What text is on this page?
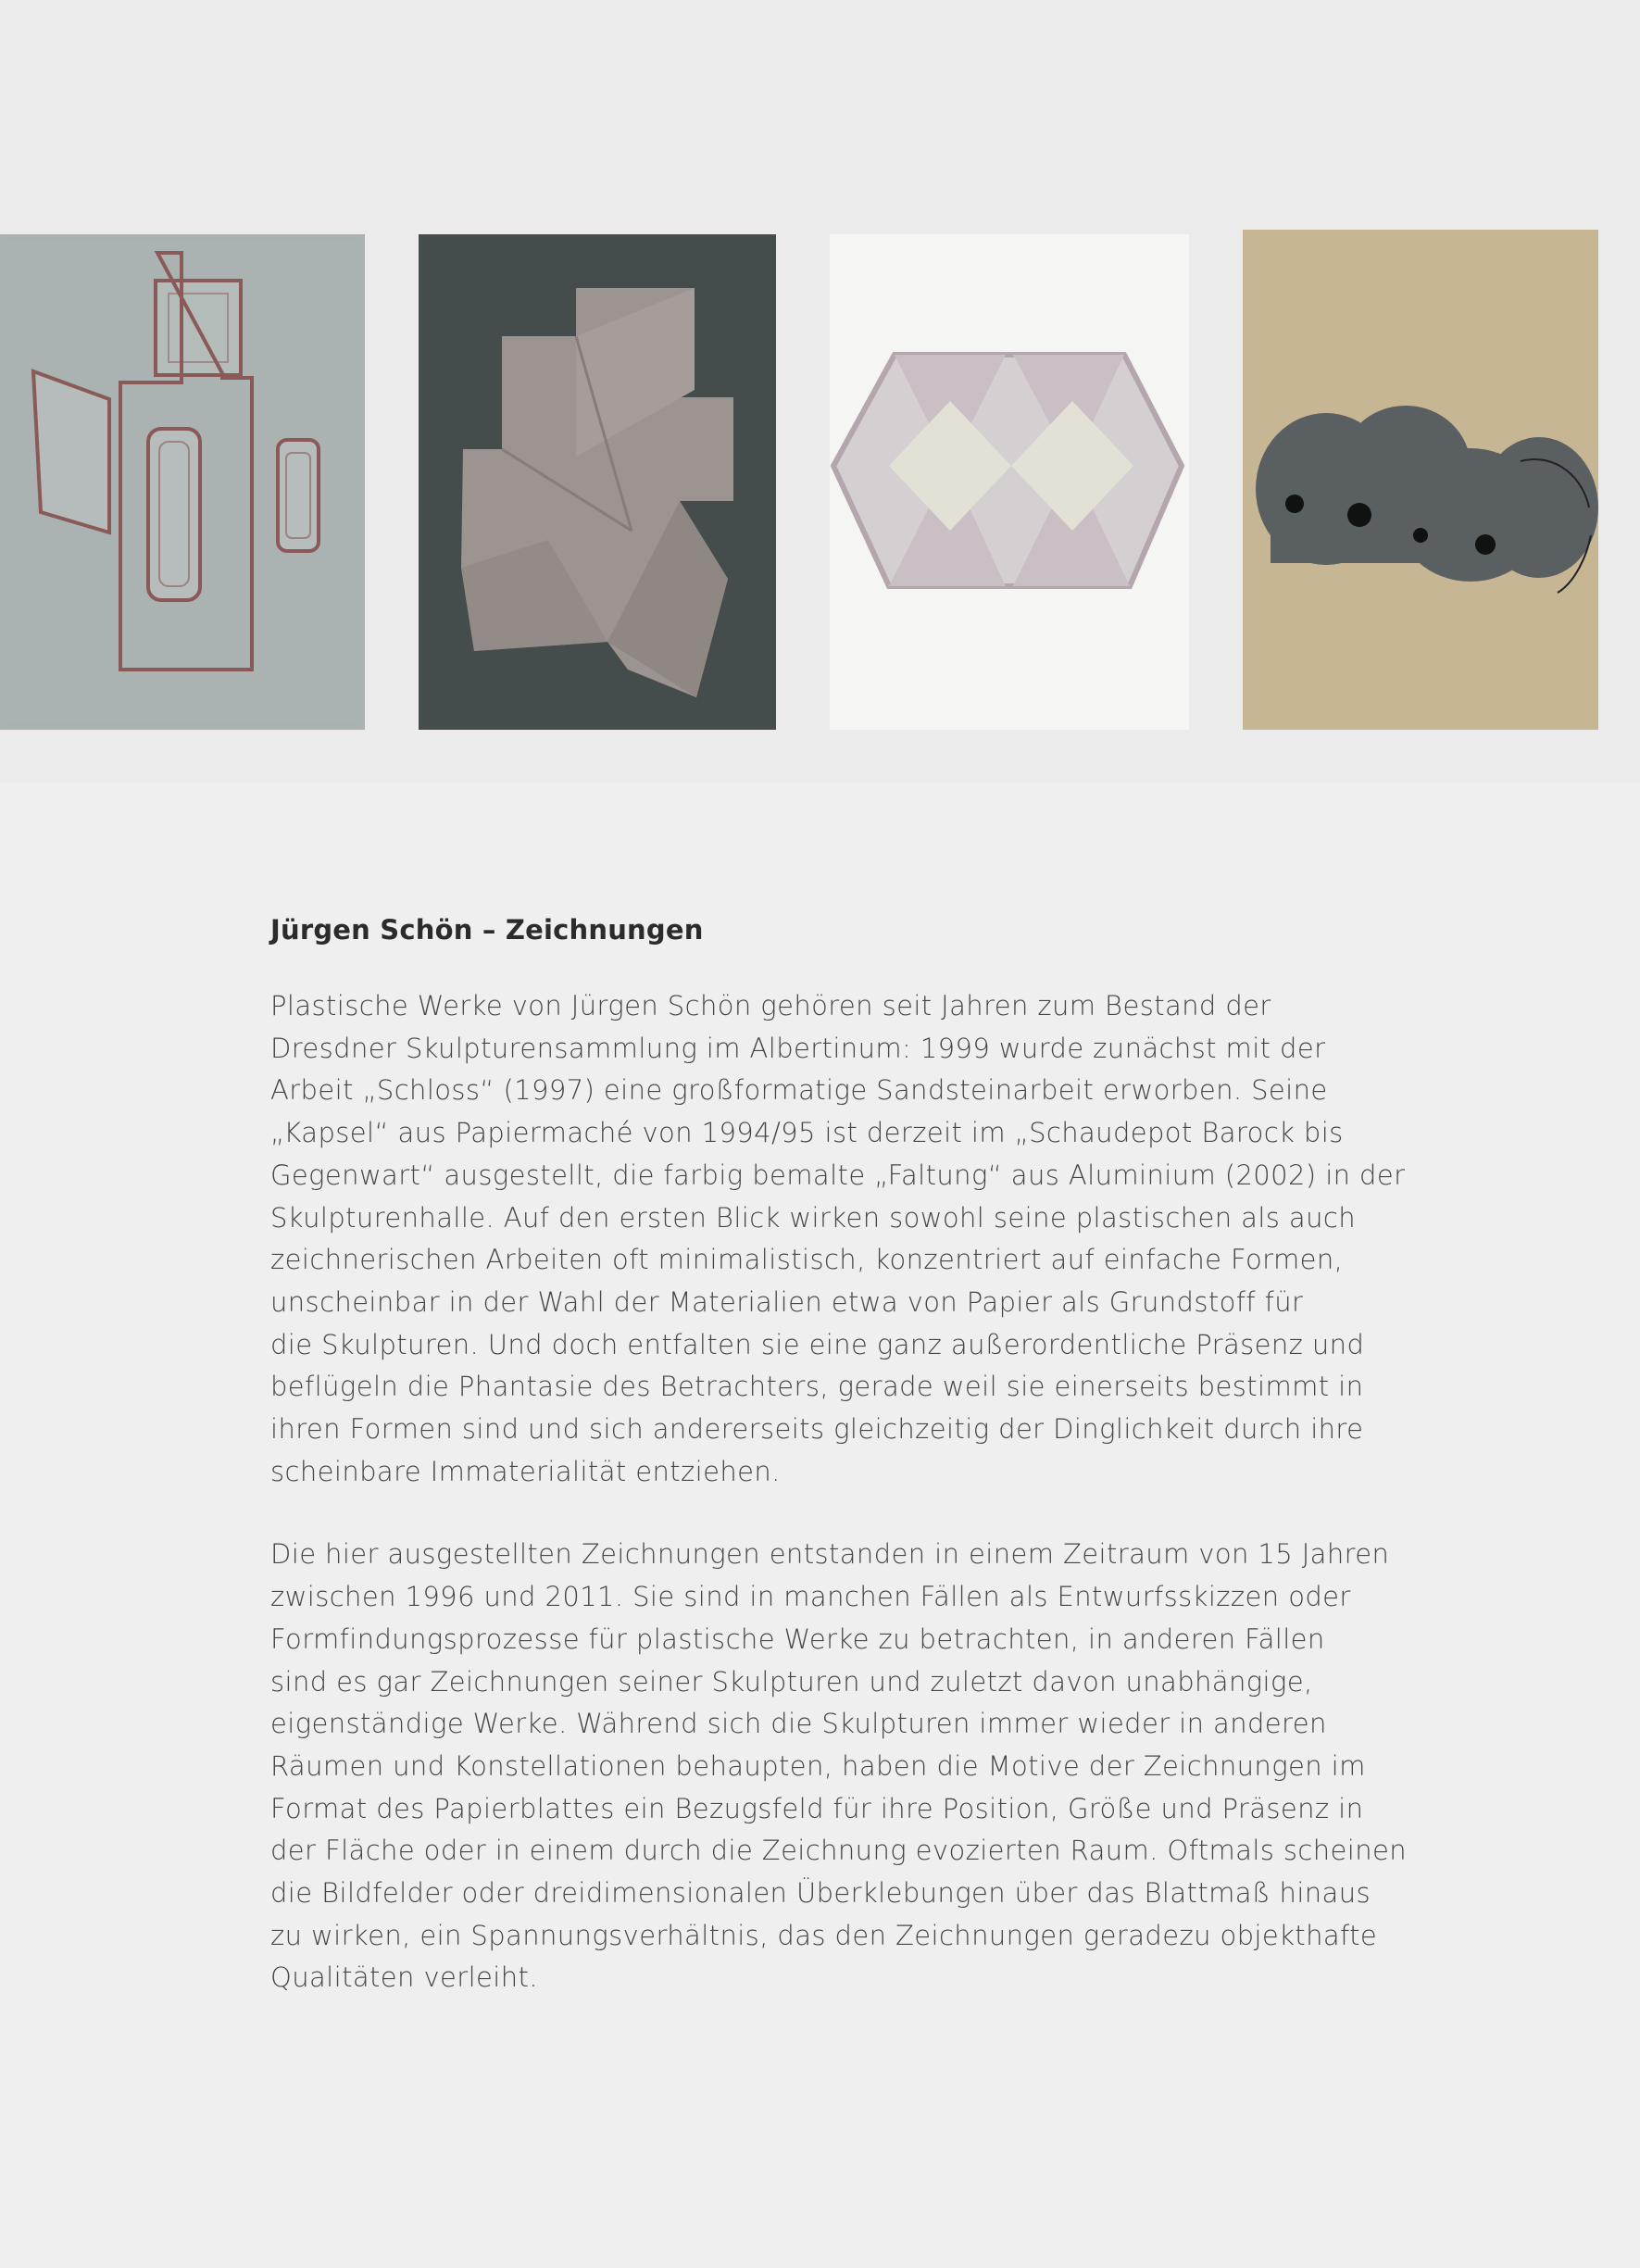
Jürgen Schön – Zeichnungen

Plastische Werke von Jürgen Schön gehören seit Jahren zum Bestand der
Dresdner Skulpturensammlung im Albertinum: 1999 wurde zunächst mit der
Arbeit „Schloss“ (1997) eine großformatige Sandsteinarbeit erworben. Seine
„Kapsel“ aus Papiermaché von 1994/95 ist derzeit im „Schaudepot Barock bis
Gegenwart“ ausgestellt, die farbig bemalte „Faltung“ aus Aluminium (2002) in der
Skulpturenhalle. Auf den ersten Blick wirken sowohl seine plastischen als auch
zeichnerischen Arbeiten oft minimalistisch, konzentriert auf einfache Formen,
unscheinbar in der Wahl der Materialien etwa von Papier als Grundstoff für
die Skulpturen. Und doch entfalten sie eine ganz außerordentliche Präsenz und
beflügeln die Phantasie des Betrachters, gerade weil sie einerseits bestimmt in
ihren Formen sind und sich andererseits gleichzeitig der Dinglichkeit durch ihre
scheinbare Immaterialität entziehen.

Die hier ausgestellten Zeichnungen entstanden in einem Zeitraum von 15 Jahren
zwischen 1996 und 2011. Sie sind in manchen Fällen als Entwurfsskizzen oder
Formfindungsprozesse für plastische Werke zu betrachten, in anderen Fällen
sind es gar Zeichnungen seiner Skulpturen und zuletzt davon unabhängige,
eigenständige Werke. Während sich die Skulpturen immer wieder in anderen
Räumen und Konstellationen behaupten, haben die Motive der Zeichnungen im
Format des Papierblattes ein Bezugsfeld für ihre Position, Größe und Präsenz in
der Fläche oder in einem durch die Zeichnung evozierten Raum. Oftmals scheinen
die Bildfelder oder dreidimensionalen Überklebungen über das Blattmaß hinaus
zu wirken, ein Spannungsverhältnis, das den Zeichnungen geradezu objekthafte
Qualitäten verleiht.
